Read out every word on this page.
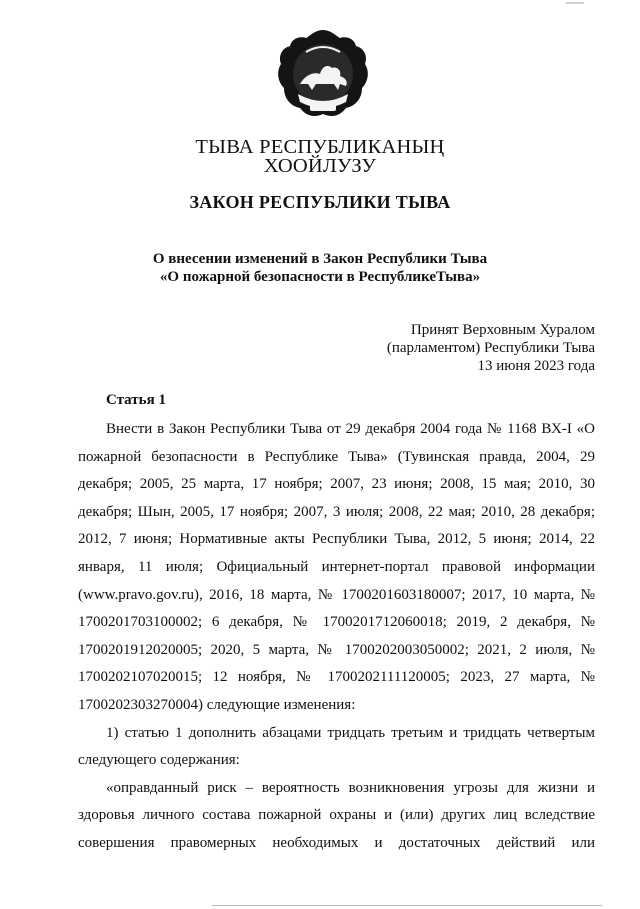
ТЫВА РЕСПУБЛИКАНЫҢ
ХООЙЛУЗУ
ЗАКОН РЕСПУБЛИКИ ТЫВА
О внесении изменений в Закон Республики Тыва
«О пожарной безопасности в РеспубликеТыва»
Принят Верховным Хуралом
(парламентом) Республики Тыва
13 июня 2023 года
Статья 1

Внести в Закон Республики Тыва от 29 декабря 2004 года № 1168 ВХ-I «О пожарной безопасности в Республике Тыва» (Тувинская правда, 2004, 29 декабря; 2005, 25 марта, 17 ноября; 2007, 23 июня; 2008, 15 мая; 2010, 30 декабря; Шын, 2005, 17 ноября; 2007, 3 июля; 2008, 22 мая; 2010, 28 декабря; 2012, 7 июня; Нормативные акты Республики Тыва, 2012, 5 июня; 2014, 22 января, 11 июля; Официальный интернет-портал правовой информации (www.pravo.gov.ru), 2016, 18 марта, № 1700201603180007; 2017, 10 марта, № 1700201703100002; 6 декабря, № 1700201712060018; 2019, 2 декабря, № 1700201912020005; 2020, 5 марта, № 1700202003050002; 2021, 2 июля, № 1700202107020015; 12 ноября, № 1700202111120005; 2023, 27 марта, № 1700202303270004) следующие изменения:

1) статью 1 дополнить абзацами тридцать третьим и тридцать четвертым следующего содержания:

«оправданный риск – вероятность возникновения угрозы для жизни и здоровья личного состава пожарной охраны и (или) других лиц вследствие совершения правомерных необходимых и достаточных действий или
